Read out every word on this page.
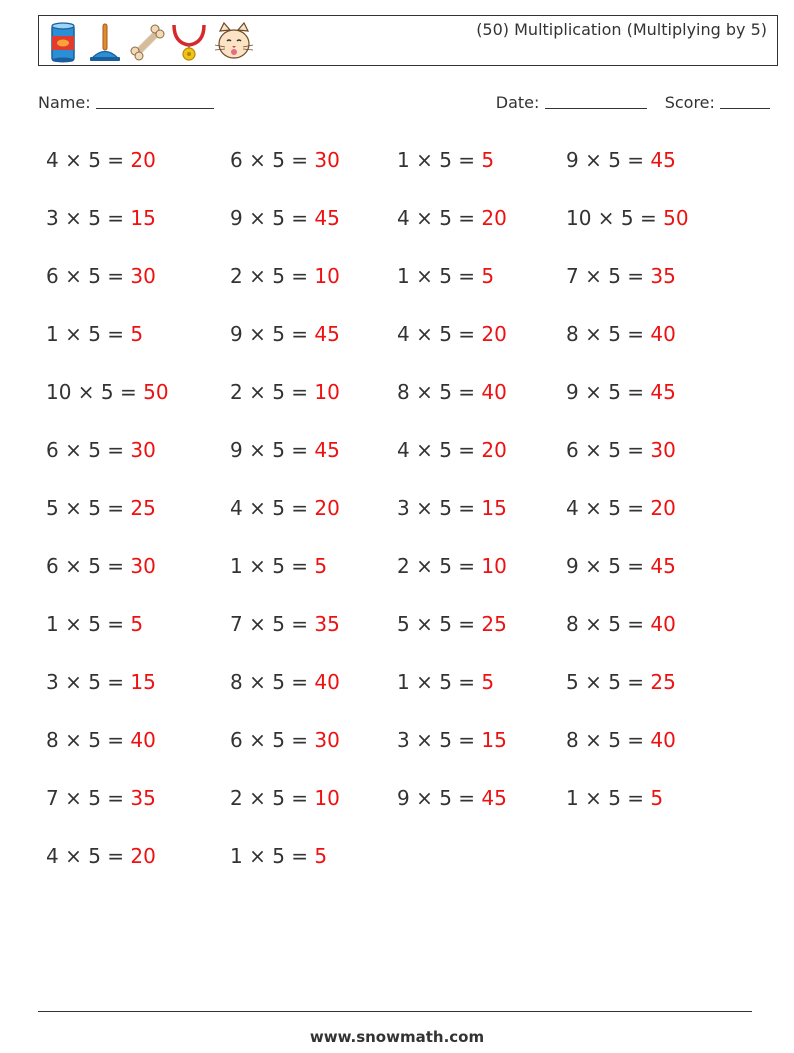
(50) Multiplication (Multiplying by 5)
Name:	Date:	Score:
4 × 5 = 20	6 × 5 = 30	1 × 5 = 5	9 × 5 = 45
3 × 5 = 15	9 × 5 = 45	4 × 5 = 20	10 × 5 = 50
6 × 5 = 30	2 × 5 = 10	1 × 5 = 5	7 × 5 = 35
1 × 5 = 5	9 × 5 = 45	4 × 5 = 20	8 × 5 = 40
10 × 5 = 50	2 × 5 = 10	8 × 5 = 40	9 × 5 = 45
6 × 5 = 30	9 × 5 = 45	4 × 5 = 20	6 × 5 = 30
5 × 5 = 25	4 × 5 = 20	3 × 5 = 15	4 × 5 = 20
6 × 5 = 30	1 × 5 = 5	2 × 5 = 10	9 × 5 = 45
1 × 5 = 5	7 × 5 = 35	5 × 5 = 25	8 × 5 = 40
3 × 5 = 15	8 × 5 = 40	1 × 5 = 5	5 × 5 = 25
8 × 5 = 40	6 × 5 = 30	3 × 5 = 15	8 × 5 = 40
7 × 5 = 35	2 × 5 = 10	9 × 5 = 45	1 × 5 = 5
4 × 5 = 20	1 × 5 = 5
www.snowmath.com
